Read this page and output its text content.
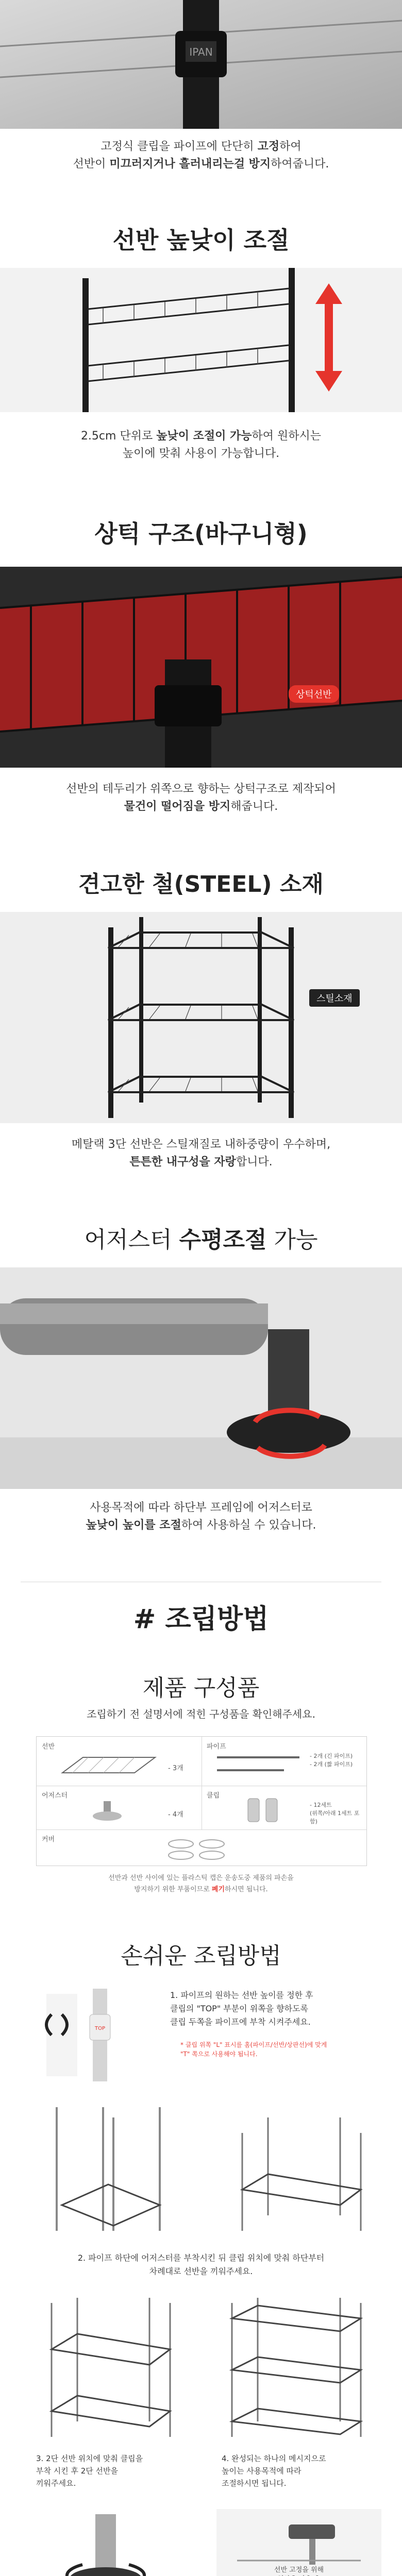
IPAN
고정식 클립을 파이프에 단단히 고정하여
선반이 미끄러지거나 흘러내리는걸 방지하여줍니다.
선반 높낮이 조절
2.5cm 단위로 높낮이 조절이 가능하여 원하시는
높이에 맞춰 사용이 가능합니다.
상턱 구조(바구니형)
상턱선반
선반의 테두리가 위쪽으로 향하는 상턱구조로 제작되어
물건이 떨어짐을 방지해줍니다.
견고한 철(STEEL) 소재
스틸소재
메탈랙 3단 선반은 스틸재질로 내하중량이 우수하며,
튼튼한 내구성을 자랑합니다.
어저스터 수평조절 가능
사용목적에 따라 하단부 프레임에 어저스터로
높낮이 높이를 조절하여 사용하실 수 있습니다.
# 조립방법
제품 구성품
조립하기 전 설명서에 적힌 구성품을 확인해주세요.
선반
- 3개
파이프
- 2개 (긴 파이프)
- 2개 (짧 파이프)
어저스터
- 4개
클립
- 12세트
(위쪽/아래 1세트 포함)
커버
선반과 선반 사이에 있는 플라스틱 캡은 운송도중 제품의 파손을
방지하기 위한 부품이므로 폐기하시면 됩니다.
손쉬운 조립방법
TOP
1. 파이프의 원하는 선반 높이를 정한 후
클립의 "TOP" 부분이 위쪽을 향하도록
클립 두쪽을 파이프에 부착 시켜주세요.
* 클립 위쪽 "L" 표시를 홈(파이프/선반/상판선)에 맞게
"T" 쪽으로 사용해야 됩니다.
2. 파이프 하단에 어저스터를 부착시킨 뒤 클립 위치에 맞춰 하단부터
차례대로 선반을 끼워주세요.
3. 2단 선반 위치에 맞춰 클립을
부착 시킨 후 2단 선반을
끼워주세요.
4. 완성되는 하나의 메시지으로
높이는 사용목적에 따라
조절하시면 됩니다.
선반 고정을 위해
